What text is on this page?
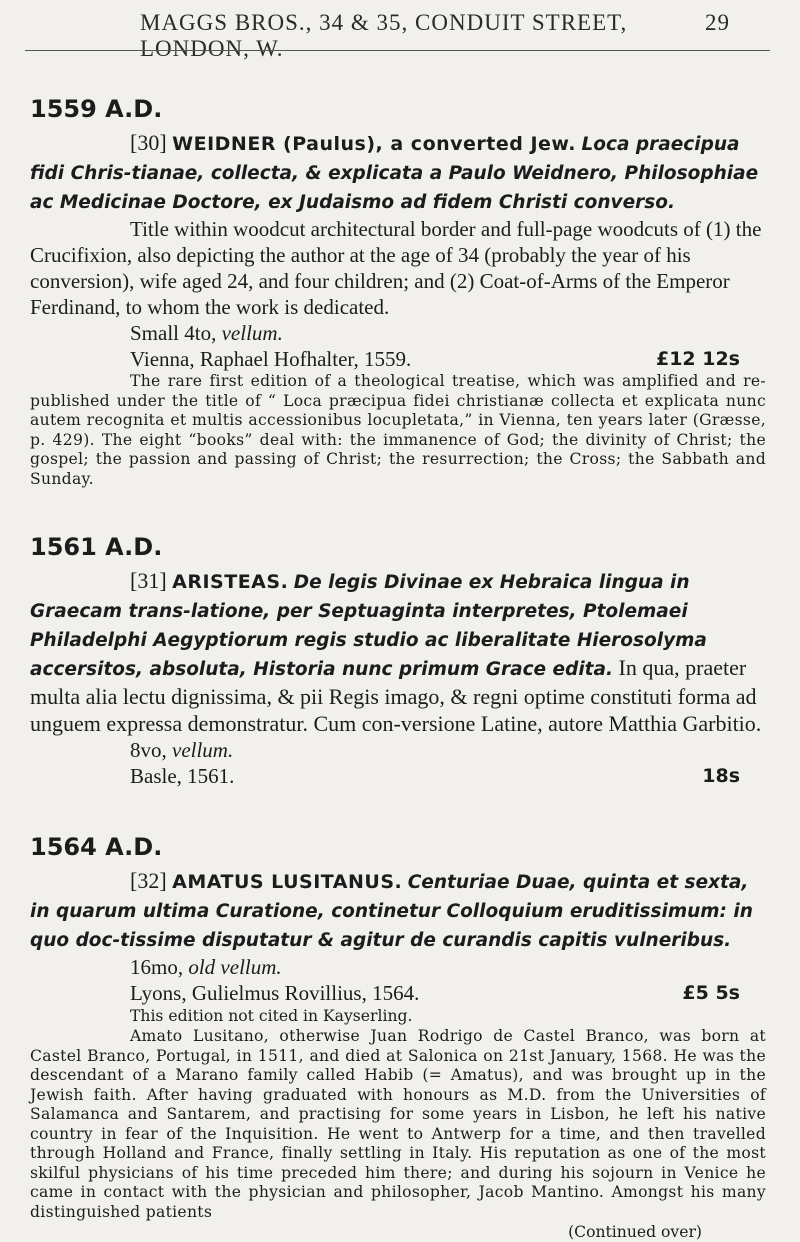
MAGGS BROS., 34 & 35, CONDUIT STREET, LONDON, W.
29
1559 A.D.

[30] WEIDNER (Paulus), a converted Jew. Loca praecipua fidi Chris-tianae, collecta, & explicata a Paulo Weidnero, Philosophiae ac Medicinae Doctore, ex Judaismo ad fidem Christi converso.

Title within woodcut architectural border and full-page woodcuts of (1) the Crucifixion, also depicting the author at the age of 34 (probably the year of his conversion), wife aged 24, and four children; and (2) Coat-of-Arms of the Emperor Ferdinand, to whom the work is dedicated.

Small 4to, vellum.

Vienna, Raphael Hofhalter, 1559.	£12 12s

The rare first edition of a theological treatise, which was amplified and re-published under the title of “ Loca præcipua fidei christianæ collecta et explicata nunc autem recognita et multis accessionibus locupletata,” in Vienna, ten years later (Græsse, p. 429). The eight “books” deal with: the immanence of God; the divinity of Christ; the gospel; the passion and passing of Christ; the resurrection; the Cross; the Sabbath and Sunday.

1561 A.D.

[31] ARISTEAS. De legis Divinae ex Hebraica lingua in Graecam trans-latione, per Septuaginta interpretes, Ptolemaei Philadelphi Aegyptiorum regis studio ac liberalitate Hierosolyma accersitos, absoluta, Historia nunc primum Grace edita. In qua, praeter multa alia lectu dignissima, & pii Regis imago, & regni optime constituti forma ad unguem expressa demonstratur. Cum con-versione Latine, autore Matthia Garbitio.

8vo, vellum.

Basle, 1561.	18s

1564 A.D.

[32] AMATUS LUSITANUS. Centuriae Duae, quinta et sexta, in quarum ultima Curatione, continetur Colloquium eruditissimum: in quo doc-tissime disputatur & agitur de curandis capitis vulneribus.

16mo, old vellum.

Lyons, Gulielmus Rovillius, 1564.	£5 5s

This edition not cited in Kayserling.

Amato Lusitano, otherwise Juan Rodrigo de Castel Branco, was born at Castel Branco, Portugal, in 1511, and died at Salonica on 21st January, 1568. He was the descendant of a Marano family called Habib (= Amatus), and was brought up in the Jewish faith. After having graduated with honours as M.D. from the Universities of Salamanca and Santarem, and practising for some years in Lisbon, he left his native country in fear of the Inquisition. He went to Antwerp for a time, and then travelled through Holland and France, finally settling in Italy. His reputation as one of the most skilful physicians of his time preceded him there; and during his sojourn in Venice he came in contact with the physician and philosopher, Jacob Mantino. Amongst his many distinguished patients

(Continued over)
